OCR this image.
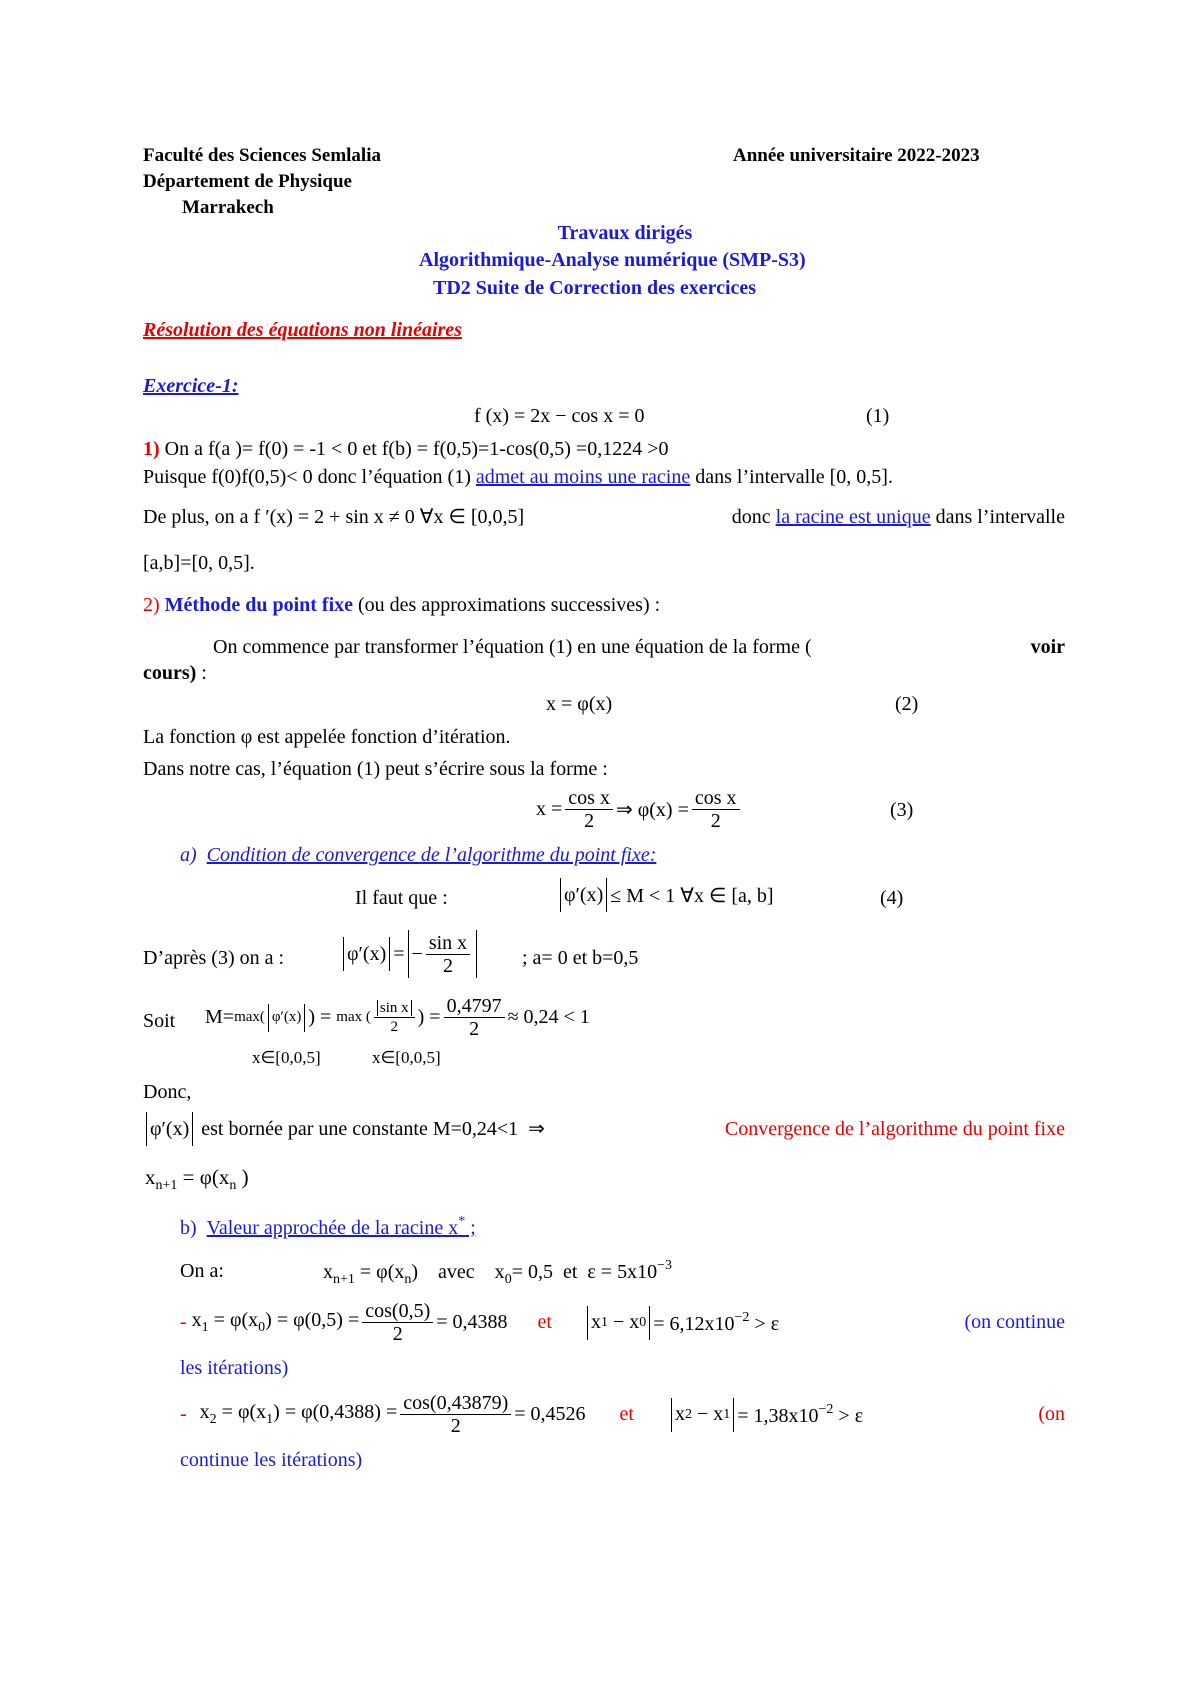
Faculté des Sciences Semlalia
Département de Physique
Marrakech
Année universitaire 2022-2023
Travaux dirigés
Algorithmique-Analyse numérique (SMP-S3)
TD2 Suite de Correction des exercices
Résolution des équations non linéaires
Exercice-1:
f (x) = 2x − cos x = 0	(1)
1) On a f(a )= f(0) = -1 < 0 et f(b) = f(0,5)=1-cos(0,5) =0,1224 >0
Puisque f(0)f(0,5)< 0 donc l’équation (1) admet au moins une racine dans l’intervalle [0, 0,5].
De plus, on a f ′(x) = 2 + sin x ≠ 0 ∀x ∈ [0,0,5]	donc la racine est unique dans l’intervalle
[a,b]=[0, 0,5].
2) Méthode du point fixe (ou des approximations successives) :
On commence par transformer l’équation (1) en une équation de la forme (	voir
cours) :
x = φ(x)	(2)
La fonction φ est appelée fonction d’itération.
Dans notre cas, l’équation (1) peut s’écrire sous la forme :
$x = \frac{\text{cos x}}{2}$ ⇒ $\varphi(x) = \frac{\text{cos x}}{2}$	(3)
a) Condition de convergence de l’algorithme du point fixe:
Il faut que :	φ′(x) ≤ M < 1 ∀x ∈ [a, b]	(4)
D’après (3) on a :	φ′(x) = − $\frac{\text{sin x}}{2}$	; a= 0 et b=0,5
Soit M= max( φ′(x) ) =
max ( $\frac{\text{sin x}}{2}$ ) = $\frac{0,4797}{2} \approx 0,24 < 1$
x∈[0,0,5]	x∈[0,0,5]
Donc,
φ′(x) est bornée par une constante M=0,24<1  ⇒	Convergence de l’algorithme du point fixe
$x_{n+1} = \varphi(x_n$ )
b) Valeur approchée de la racine x* ;
On a:	$x_{n+1} = \varphi(x_n)$    avec    $x_0= 0,5$  et  $\varepsilon = 5x10^{-3}$
- $x_1 = \varphi(x_0) = \varphi(0,5) = \frac{\cos(0,5)}{2} = 0,4388$ et x 1 − x $0 = 6,12x10^{-2} > \varepsilon$	(on continue
les itérations)
- $x_2 = \varphi(x_1) = \varphi(0,4388) = \frac{\cos(0,43879)}{2} = 0,4526$ et x 2 − x $1 = 1,38x10^{-2} > \varepsilon$	(on
continue les itérations)
